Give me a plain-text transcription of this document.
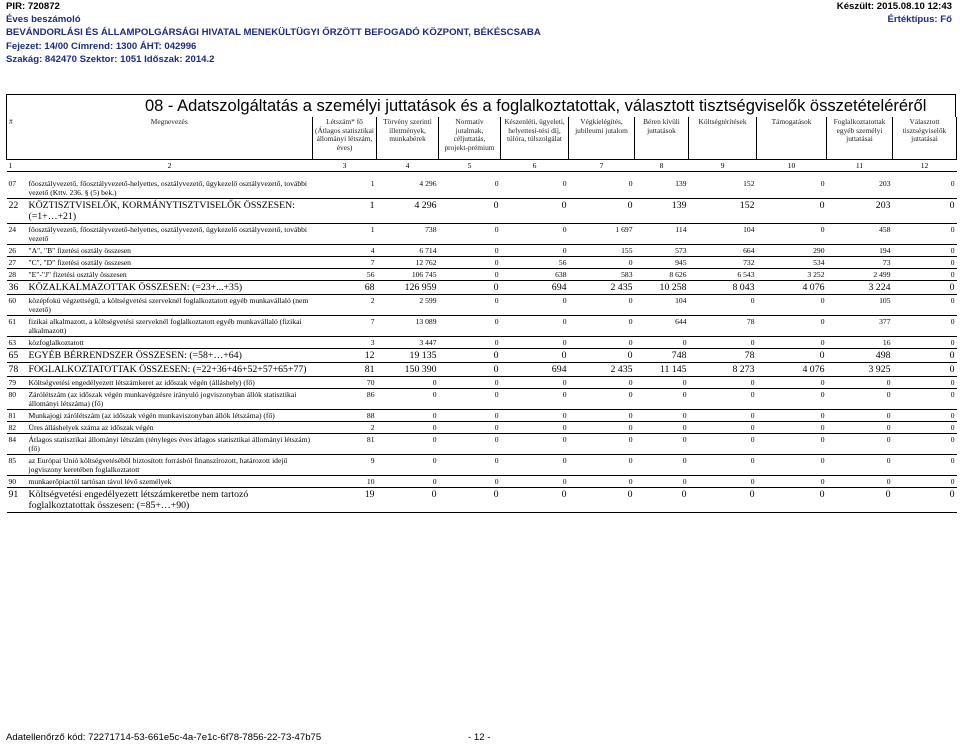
PIR: 720872
Éves beszámoló
BEVÁNDORLÁSI ÉS ÁLLAMPOLGÁRSÁGI HIVATAL MENEKÜLTÜGYI ŐRZÖTT BEFOGADÓ KÖZPONT, BÉKÉSCSABA
Fejezet: 14/00 Címrend: 1300 ÁHT: 042996
Szakág: 842470 Szektor: 1051 Időszak: 2014.2
Készült: 2015.08.10 12:43
Értéktípus: Fő
08 - Adatszolgáltatás a személyi juttatások és a foglalkoztatottak, választott tisztségviselők összetételéréről
#	Megnevezés	Létszám* fő (Átlagos statisztikai állományi létszám, éves)	Törvény szerinti illetmények, munkabérek	Normatív jutalmak, céljuttatás, projekt-prémium	Készenléti, ügyeleti, helyettesí-tési díj, túlóra, túlszolgálat	Végkielégítés, jubileumi jutalom	Béren kívüli juttatások	Költségtérítések	Támogatások	Foglalkoztatottak egyéb személyi juttatásai	Választott tisztségviselők juttatásai
1	2	3	4	5	6	7	8	9	10	11	12

07	főosztályvezető, főosztályvezető-helyettes, osztályvezető, ügykezelő osztályvezető, további vezető (Kttv. 236. § (5) bek.)	1	4 296	0	0	0	139	152	0	203	0
22	KÖZTISZTVISELŐK, KORMÁNYTISZTVISELŐK ÖSSZESEN: (=1+…+21)	1	4 296	0	0	0	139	152	0	203	0
24	főosztályvezető, főosztályvezető-helyettes, osztályvezető, ügykezelő osztályvezető, további vezető	1	738	0	0	1 697	114	104	0	458	0
26	"A", "B" fizetési osztály összesen	4	6 714	0	0	155	573	664	290	194	0
27	"C", "D" fizetési osztály összesen	7	12 762	0	56	0	945	732	534	73	0
28	"E"-"J" fizetési osztály összesen	56	106 745	0	638	583	8 626	6 543	3 252	2 499	0
36	KÖZALKALMAZOTTAK ÖSSZESEN: (=23+...+35)	68	126 959	0	694	2 435	10 258	8 043	4 076	3 224	0
60	középfokú végzettségű, a költségvetési szerveknél foglalkoztatott egyéb munkavállaló (nem vezető)	2	2 599	0	0	0	104	0	0	105	0
61	fizikai alkalmazott, a költségvetési szerveknél foglalkoztatott egyéb munkavállaló (fizikai alkalmazott)	7	13 089	0	0	0	644	78	0	377	0
63	közfoglalkoztatott	3	3 447	0	0	0	0	0	0	16	0
65	EGYÉB BÉRRENDSZER ÖSSZESEN: (=58+…+64)	12	19 135	0	0	0	748	78	0	498	0
78	FOGLALKOZTATOTTAK ÖSSZESEN: (=22+36+46+52+57+65+77)	81	150 390	0	694	2 435	11 145	8 273	4 076	3 925	0
79	Költségvetési engedélyezett létszámkeret az időszak végén (álláshely) (fő)	70	0	0	0	0	0	0	0	0	0
80	Zárólétszám (az időszak végén munkavégzésre irányuló jogviszonyban állók statisztikai állományi létszáma) (fő)	86	0	0	0	0	0	0	0	0	0
81	Munkajogi zárólétszám (az időszak végén munkaviszonyban állók létszáma) (fő)	88	0	0	0	0	0	0	0	0	0
82	Üres álláshelyek száma az időszak végén	2	0	0	0	0	0	0	0	0	0
84	Átlagos statisztikai állományi létszám (tényleges éves átlagos statisztikai állományi létszám) (fő)	81	0	0	0	0	0	0	0	0	0
85	az Európai Unió költségvetéséből biztosított forrásból finanszírozott, határozott idejű jogviszony keretében foglalkoztatott	9	0	0	0	0	0	0	0	0	0
90	munkaerőpiactól tartósan távol lévő személyek	10	0	0	0	0	0	0	0	0	0
91	Költségvetési engedélyezett létszámkeretbe nem tartozó foglalkoztatottak összesen: (=85+…+90)	19	0	0	0	0	0	0	0	0	0
Adatellenőrző kód: 72271714-53-661e5c-4a-7e1c-6f78-7856-22-73-47b75	- 12 -
